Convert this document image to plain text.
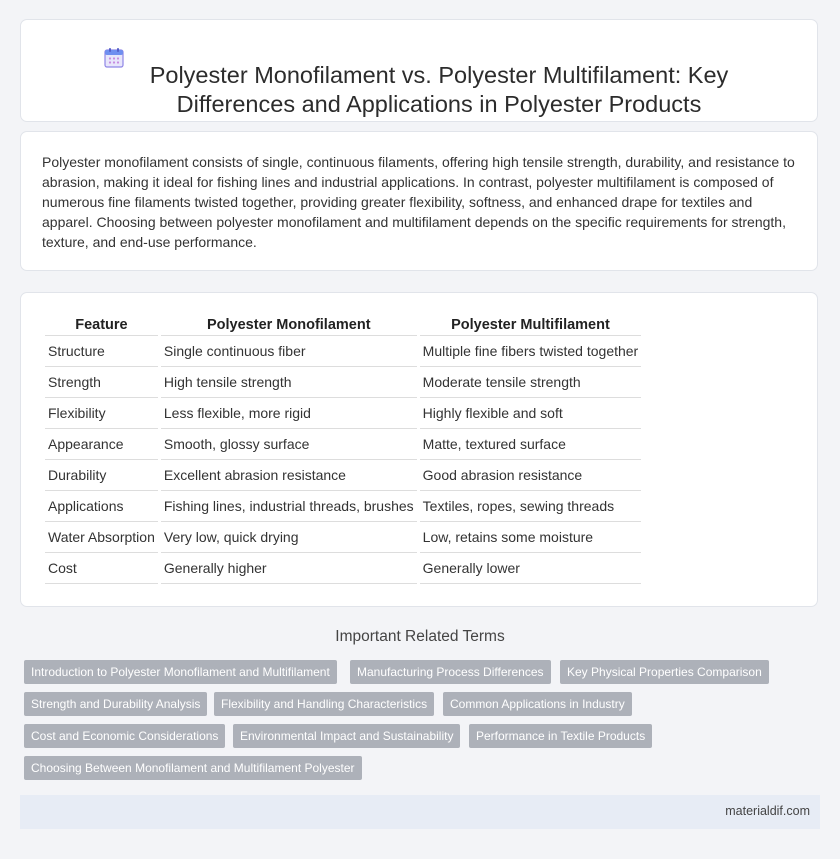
Polyester Monofilament vs. Polyester Multifilament: Key Differences and Applications in Polyester Products

Polyester monofilament consists of single, continuous filaments, offering high tensile strength, durability, and resistance to abrasion, making it ideal for fishing lines and industrial applications. In contrast, polyester multifilament is composed of numerous fine filaments twisted together, providing greater flexibility, softness, and enhanced drape for textiles and apparel. Choosing between polyester monofilament and multifilament depends on the specific requirements for strength, texture, and end-use performance.

Feature	Polyester Monofilament	Polyester Multifilament
Structure	Single continuous fiber	Multiple fine fibers twisted together
Strength	High tensile strength	Moderate tensile strength
Flexibility	Less flexible, more rigid	Highly flexible and soft
Appearance	Smooth, glossy surface	Matte, textured surface
Durability	Excellent abrasion resistance	Good abrasion resistance
Applications	Fishing lines, industrial threads, brushes	Textiles, ropes, sewing threads
Water Absorption	Very low, quick drying	Low, retains some moisture
Cost	Generally higher	Generally lower
Important Related Terms
Introduction to Polyester Monofilament and Multifilament	Manufacturing Process Differences	Key Physical Properties Comparison
Strength and Durability Analysis	Flexibility and Handling Characteristics	Common Applications in Industry
Cost and Economic Considerations	Environmental Impact and Sustainability	Performance in Textile Products
Choosing Between Monofilament and Multifilament Polyester
materialdif.com
